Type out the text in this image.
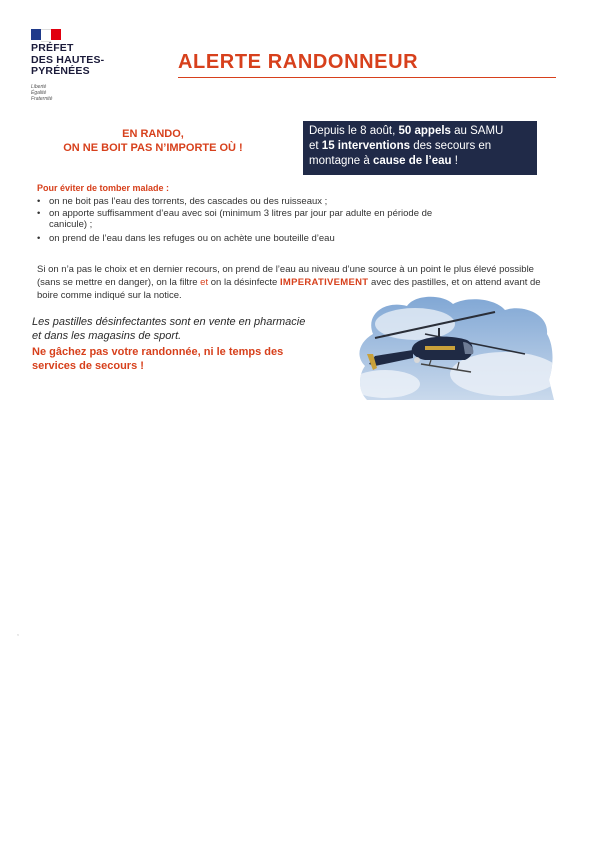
PRÉFET
DES HAUTES-
PYRÉNÉES
Liberté
Égalité
Fraternité
ALERTE RANDONNEUR
EN RANDO,
ON NE BOIT PAS N’IMPORTE OÙ !
Depuis le 8 août, 50 appels au SAMU
et 15 interventions des secours en
montagne à cause de l’eau !
Pour éviter de tomber malade :
• on ne boit pas l’eau des torrents, des cascades ou des ruisseaux ;
• on apporte suffisamment d’eau avec soi (minimum 3 litres par jour par adulte en période de canicule) ;
• on prend de l’eau dans les refuges ou on achète une bouteille d’eau
Si on n’a pas le choix et en dernier recours, on prend de l’eau au niveau d’une source à un point le plus élevé possible (sans se mettre en danger), on la filtre et on la désinfecte IMPERATIVEMENT avec des pastilles, et on attend avant de boire comme indiqué sur la notice.
Les pastilles désinfectantes sont en vente en pharmacie et dans les magasins de sport.
Ne gâchez pas votre randonnée, ni le temps des services de secours !
,
